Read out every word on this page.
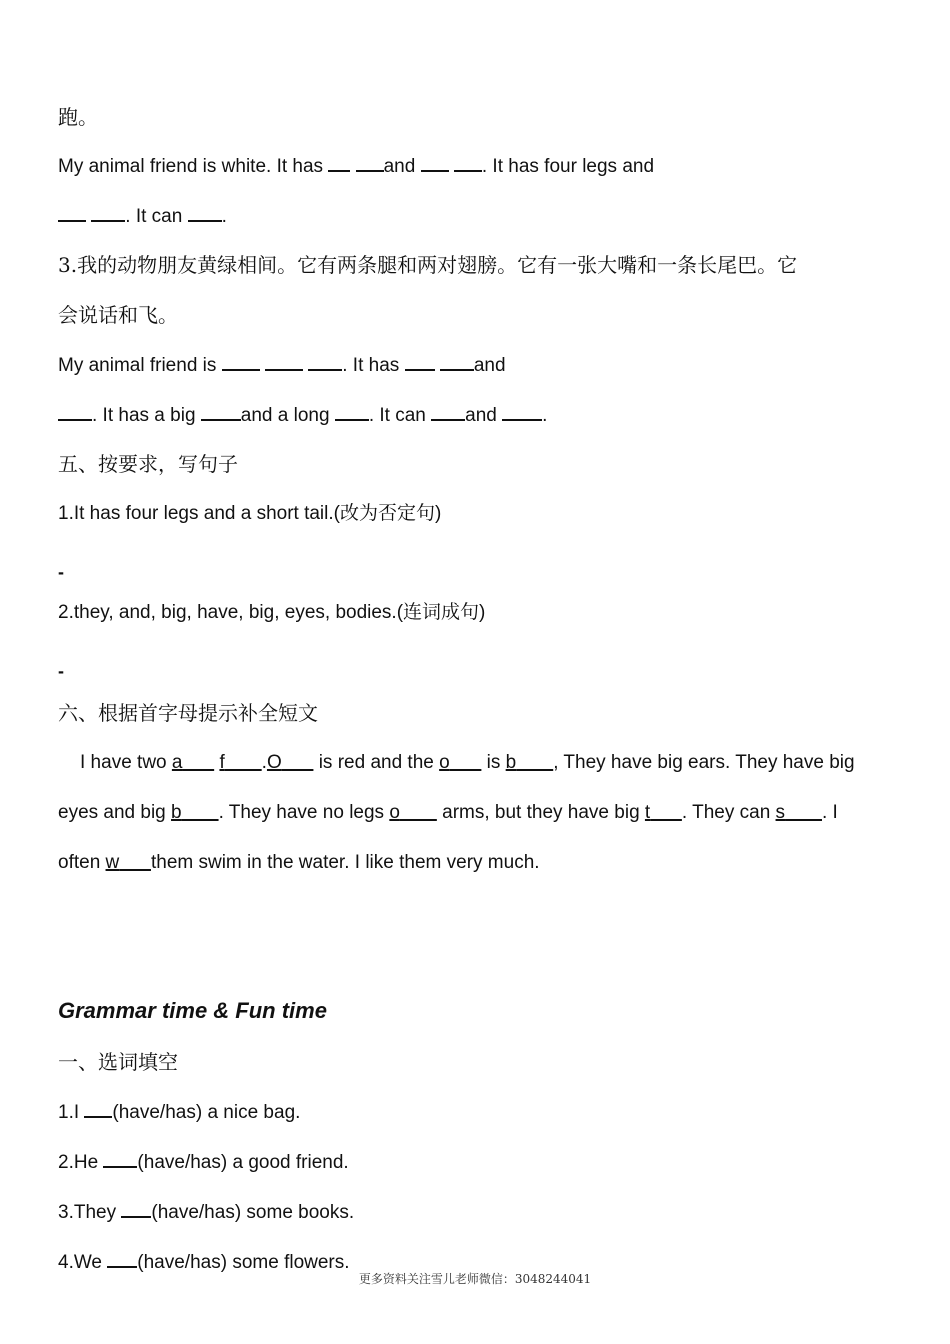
跑。
My animal friend is white. It has	and	. It has four legs and
. It can .
3.我的动物朋友黄绿相间。它有两条腿和两对翅膀。它有一张大嘴和一条长尾巴。它
会说话和飞。
My animal friend is	. It has	and
. It has a big and a long . It can and .
五、按要求，写句子
1.It has four legs and a short tail.(改为否定句)
-
2.they, and, big, have, big, eyes, bodies.(连词成句)
-
六、根据首字母提示补全短文
I have two a f .O       is red and the o       is b , They have big ears. They have big
eyes and big b . They have no legs o        arms, but they have big t . They can s . I
often w them swim in the water. I like them very much.
Grammar time & Fun time
一、选词填空
1.I (have/has) a nice bag.
2.He (have/has) a good friend.
3.They (have/has) some books.
4.We (have/has) some flowers.
更多资料关注雪儿老师微信：3048244041
